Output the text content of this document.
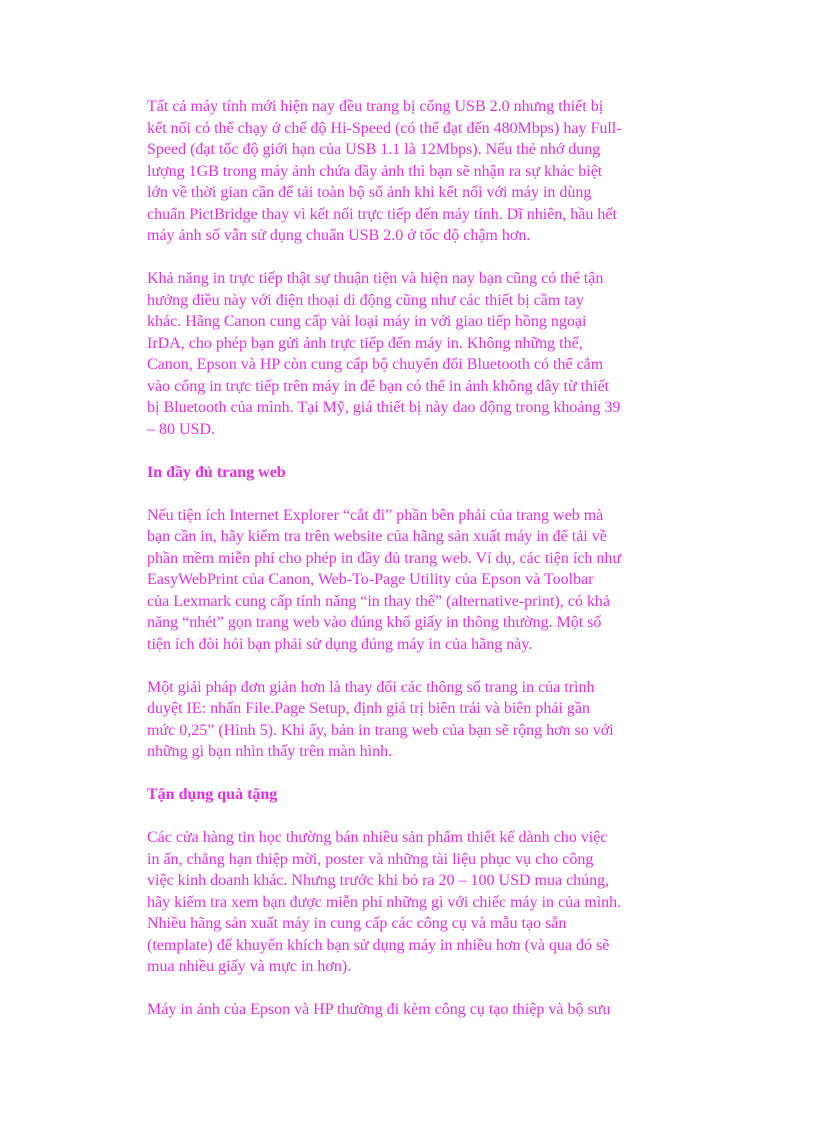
Tất cả máy tính mới hiện nay đều trang bị cổng USB 2.0 nhưng thiết bị
kết nối có thể chạy ở chế độ Hi-Speed (có thể đạt đến 480Mbps) hay Full-
Speed (đạt tốc độ giới hạn của USB 1.1 là 12Mbps). Nếu thẻ nhớ dung
lượng 1GB trong máy ảnh chứa đầy ảnh thì bạn sẽ nhận ra sự khác biệt
lớn về thời gian cần để tải toàn bộ số ảnh khi kết nối với máy in dùng
chuẩn PictBridge thay vì kết nối trực tiếp đến máy tính. Dĩ nhiên, hầu hết
máy ảnh số vẫn sử dụng chuẩn USB 2.0 ở tốc độ chậm hơn.

Khả năng in trực tiếp thật sự thuận tiện và hiện nay bạn cũng có thể tận
hưởng điều này với điện thoại di động cũng như các thiết bị cầm tay
khác. Hãng Canon cung cấp vài loại máy in với giao tiếp hồng ngoại
IrDA, cho phép bạn gửi ảnh trực tiếp đến máy in. Không những thế,
Canon, Epson và HP còn cung cấp bộ chuyển đổi Bluetooth có thể cắm
vào cổng in trực tiếp trên máy in để bạn có thể in ảnh không dây từ thiết
bị Bluetooth của mình. Tại Mỹ, giá thiết bị này dao động trong khoảng 39
– 80 USD.

In đầy đủ trang web

Nếu tiện ích Internet Explorer “cắt đi” phần bên phải của trang web mà
bạn cần in, hãy kiểm tra trên website của hãng sản xuất máy in để tải về
phần mềm miễn phí cho phép in đầy đủ trang web. Ví dụ, các tiện ích như
EasyWebPrint của Canon, Web-To-Page Utility của Epson và Toolbar
của Lexmark cung cấp tính năng “in thay thế” (alternative-print), có khả
năng “nhét” gọn trang web vào đúng khổ giấy in thông thường. Một số
tiện ích đòi hỏi bạn phải sử dụng đúng máy in của hãng này.

Một giải pháp đơn giản hơn là thay đổi các thông số trang in của trình
duyệt IE: nhấn File.Page Setup, định giá trị biên trái và biên phải gần
mức 0,25” (Hình 5). Khi ấy, bản in trang web của bạn sẽ rộng hơn so với
những gì bạn nhìn thấy trên màn hình.

Tận dụng quà tặng

Các cửa hàng tin học thường bán nhiều sản phẩm thiết kế dành cho việc
in ấn, chẳng hạn thiệp mời, poster và những tài liệu phục vụ cho công
việc kinh doanh khác. Nhưng trước khi bỏ ra 20 – 100 USD mua chúng,
hãy kiểm tra xem bạn được miễn phí những gì với chiếc máy in của mình.
Nhiều hãng sản xuất máy in cung cấp các công cụ và mẫu tạo sẵn
(template) để khuyến khích bạn sử dụng máy in nhiều hơn (và qua đó sẽ
mua nhiều giấy và mực in hơn).

Máy in ảnh của Epson và HP thường đi kèm công cụ tạo thiệp và bộ sưu
